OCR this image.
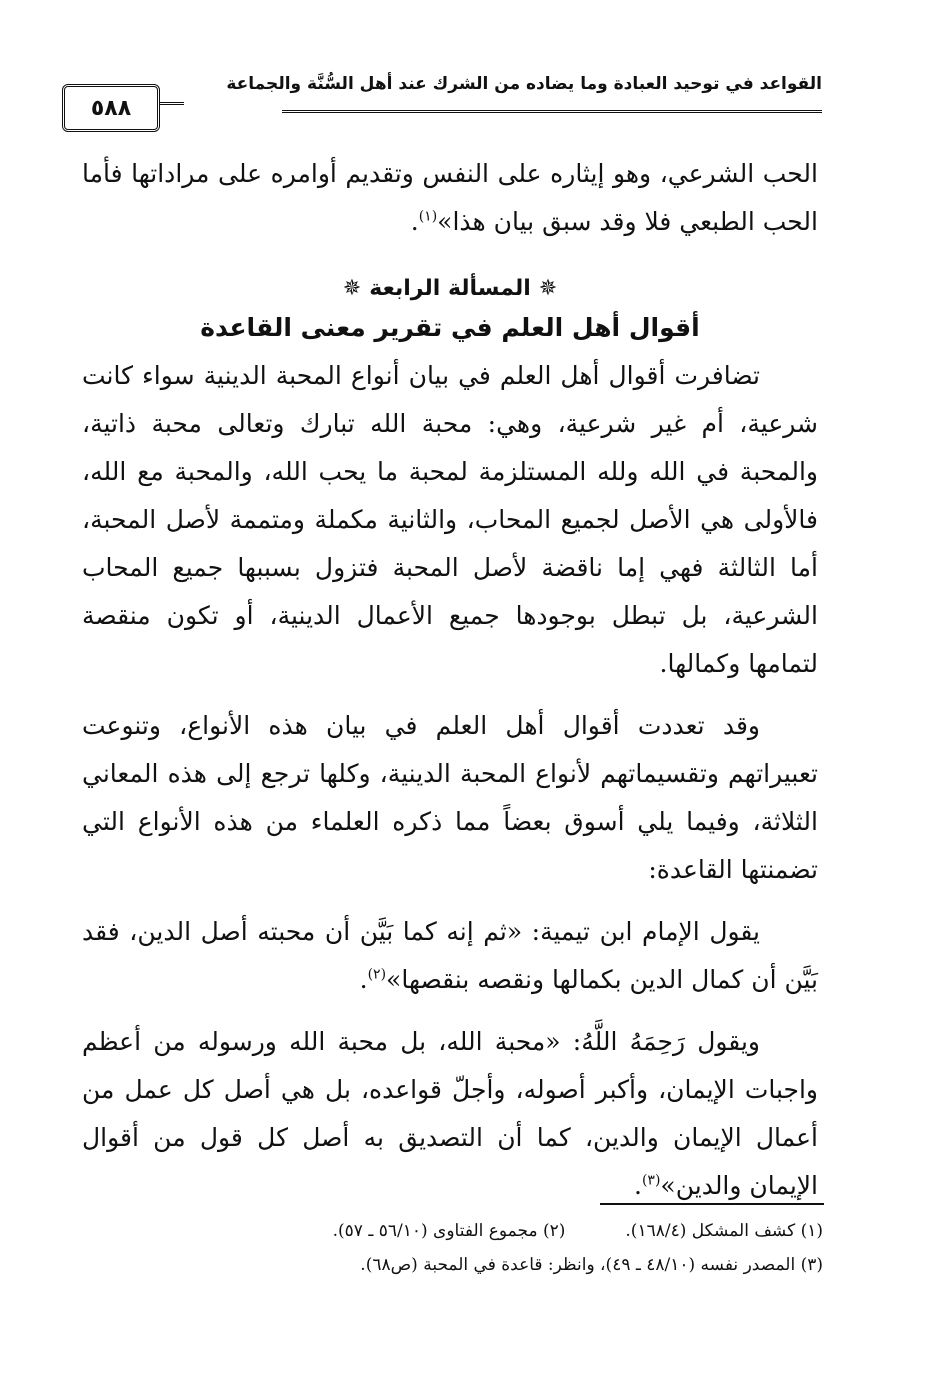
القواعد في توحيد العبادة وما يضاده من الشرك عند أهل السُّنَّة والجماعة
٥٨٨

الحب الشرعي، وهو إيثاره على النفس وتقديم أوامره على مراداتها فأما الحب الطبعي فلا وقد سبق بيان هذا»$^{(١)}$.

✵المسألة الرابعة✵
أقوال أهل العلم في تقرير معنى القاعدة

تضافرت أقوال أهل العلم في بيان أنواع المحبة الدينية سواء كانت شرعية، أم غير شرعية، وهي: محبة الله تبارك وتعالى محبة ذاتية، والمحبة في الله ولله المستلزمة لمحبة ما يحب الله، والمحبة مع الله، فالأولى هي الأصل لجميع المحاب، والثانية مكملة ومتممة لأصل المحبة، أما الثالثة فهي إما ناقضة لأصل المحبة فتزول بسببها جميع المحاب الشرعية، بل تبطل بوجودها جميع الأعمال الدينية، أو تكون منقصة لتمامها وكمالها.

وقد تعددت أقوال أهل العلم في بيان هذه الأنواع، وتنوعت تعبيراتهم وتقسيماتهم لأنواع المحبة الدينية، وكلها ترجع إلى هذه المعاني الثلاثة، وفيما يلي أسوق بعضاً مما ذكره العلماء من هذه الأنواع التي تضمنتها القاعدة:

يقول الإمام ابن تيمية: «ثم إنه كما بَيَّن أن محبته أصل الدين، فقد بَيَّن أن كمال الدين بكمالها ونقصه بنقصها»$^{(٢)}$.

ويقول رَحِمَهُ اللَّهُ: «محبة الله، بل محبة الله ورسوله من أعظم واجبات الإيمان، وأكبر أصوله، وأجلّ قواعده، بل هي أصل كل عمل من أعمال الإيمان والدين، كما أن التصديق به أصل كل قول من أقوال الإيمان والدين»$^{(٣)}$.

(١) كشف المشكل (١٦٨/٤).
(٢) مجموع الفتاوى (٥٦/١٠ ـ ٥٧).
(٣) المصدر نفسه (٤٨/١٠ ـ ٤٩)، وانظر: قاعدة في المحبة (ص٦٨).
